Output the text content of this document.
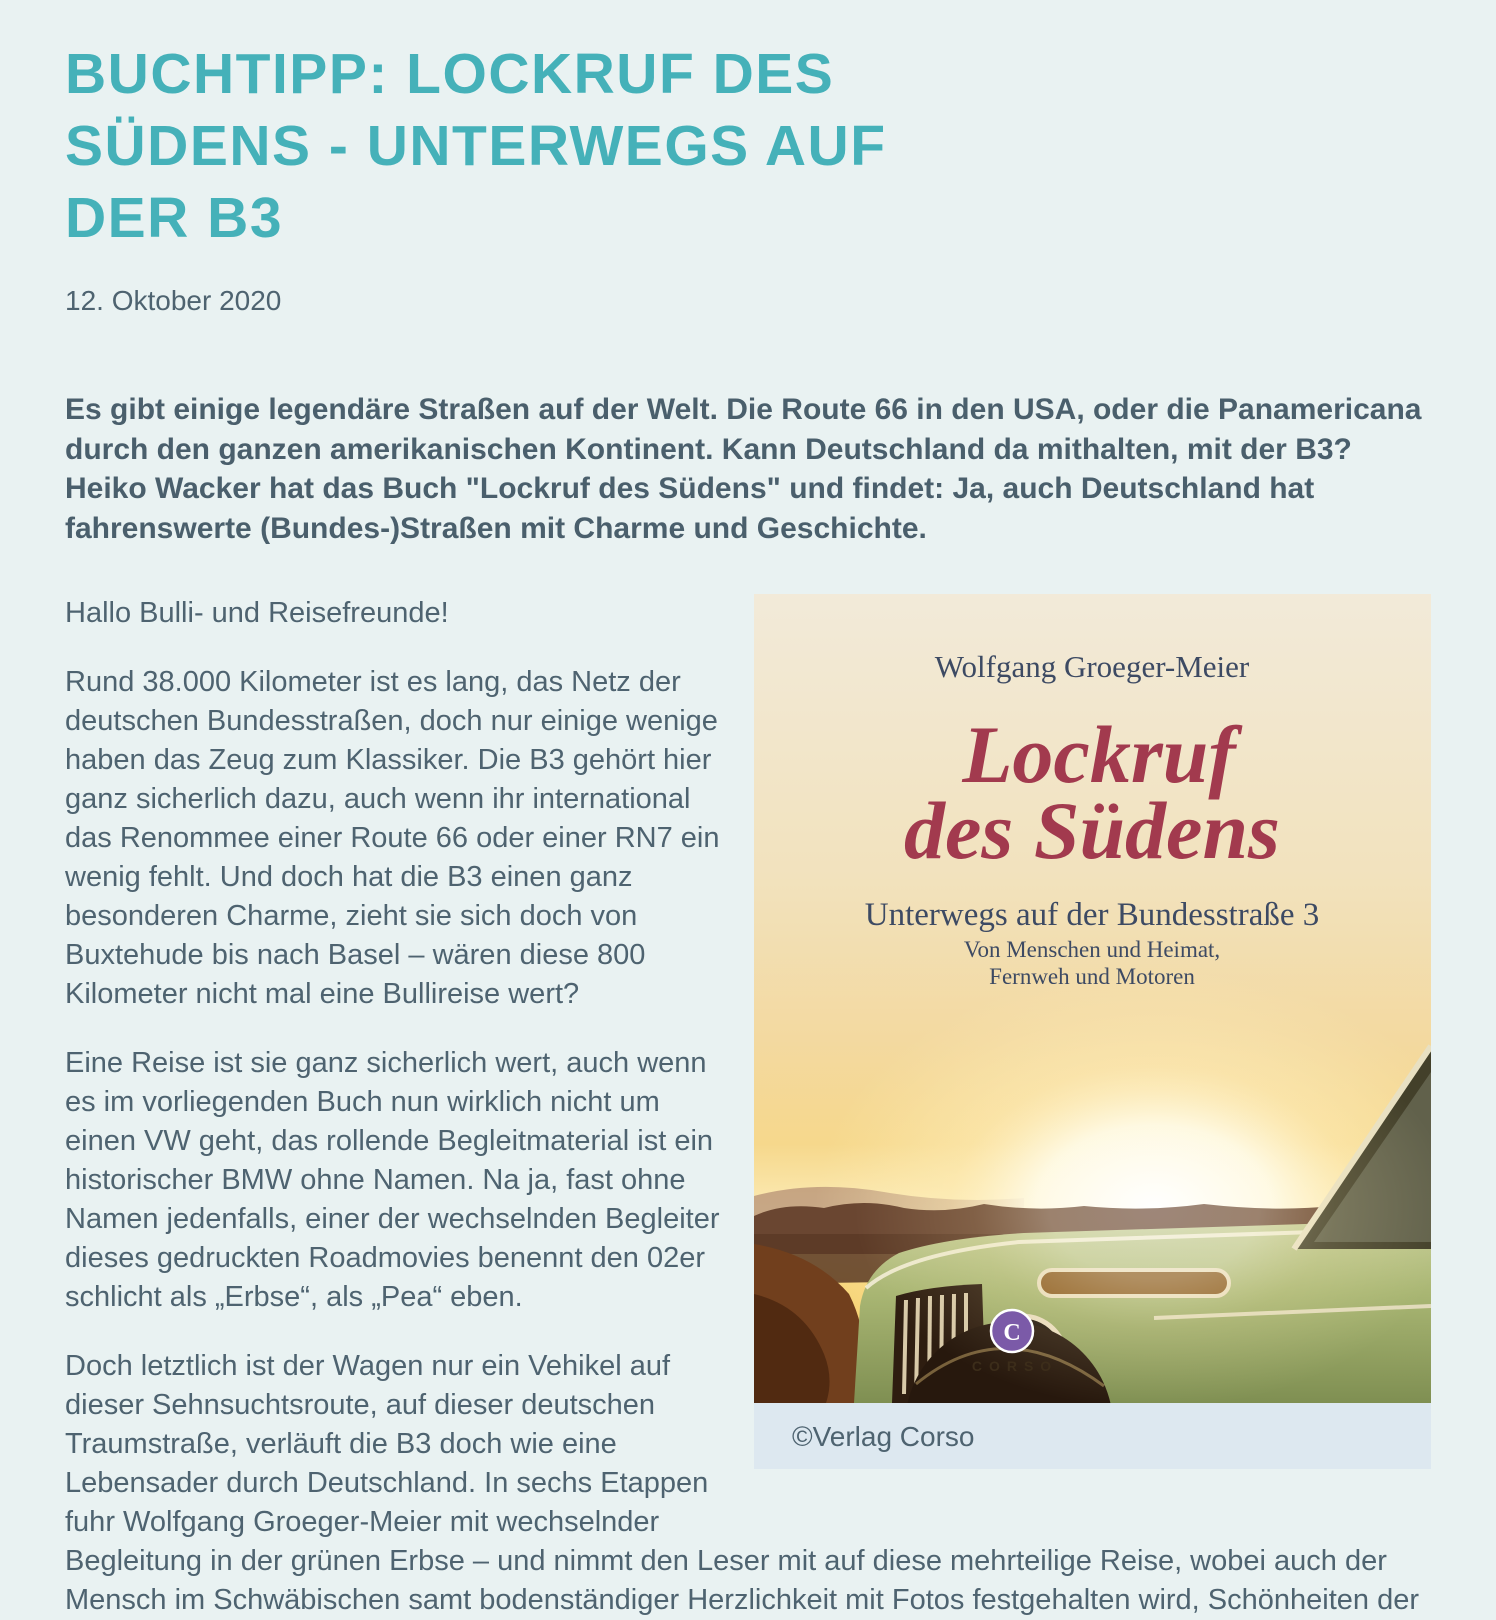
BUCHTIPP: LOCKRUF DES SÜDENS - UNTERWEGS AUF DER B3
12. Oktober 2020

Es gibt einige legendäre Straßen auf der Welt. Die Route 66 in den USA, oder die Panamericana durch den ganzen amerikanischen Kontinent. Kann Deutschland da mithalten, mit der B3? Heiko Wacker hat das Buch "Lockruf des Südens" und findet: Ja, auch Deutschland hat fahrenswerte (Bundes-)Straßen mit Charme und Geschichte.

C
CORSO
Wolfgang Groeger-Meier
Lockruf
des Südens
Unterwegs auf der Bundesstraße 3
Von Menschen und Heimat,
Fernweh und Motoren
©Verlag Corso

Hallo Bulli- und Reisefreunde!

Rund 38.000 Kilometer ist es lang, das Netz der deutschen Bundesstraßen, doch nur einige wenige haben das Zeug zum Klassiker. Die B3 gehört hier ganz sicherlich dazu, auch wenn ihr international das Renommee einer Route 66 oder einer RN7 ein wenig fehlt. Und doch hat die B3 einen ganz besonderen Charme, zieht sie sich doch von Buxtehude bis nach Basel – wären diese 800 Kilometer nicht mal eine Bullireise wert?

Eine Reise ist sie ganz sicherlich wert, auch wenn es im vorliegenden Buch nun wirklich nicht um einen VW geht, das rollende Begleitmaterial ist ein historischer BMW ohne Namen. Na ja, fast ohne Namen jedenfalls, einer der wechselnden Begleiter dieses gedruckten Roadmovies benennt den 02er schlicht als „Erbse“, als „Pea“ eben.

Doch letztlich ist der Wagen nur ein Vehikel auf dieser Sehnsuchtsroute, auf dieser deutschen Traumstraße, verläuft die B3 doch wie eine Lebensader durch Deutschland. In sechs Etappen fuhr Wolfgang Groeger-Meier mit wechselnder Begleitung in der grünen Erbse – und nimmt den Leser mit auf diese mehrteilige Reise, wobei auch der Mensch im Schwäbischen samt bodenständiger Herzlichkeit mit Fotos festgehalten wird, Schönheiten der
